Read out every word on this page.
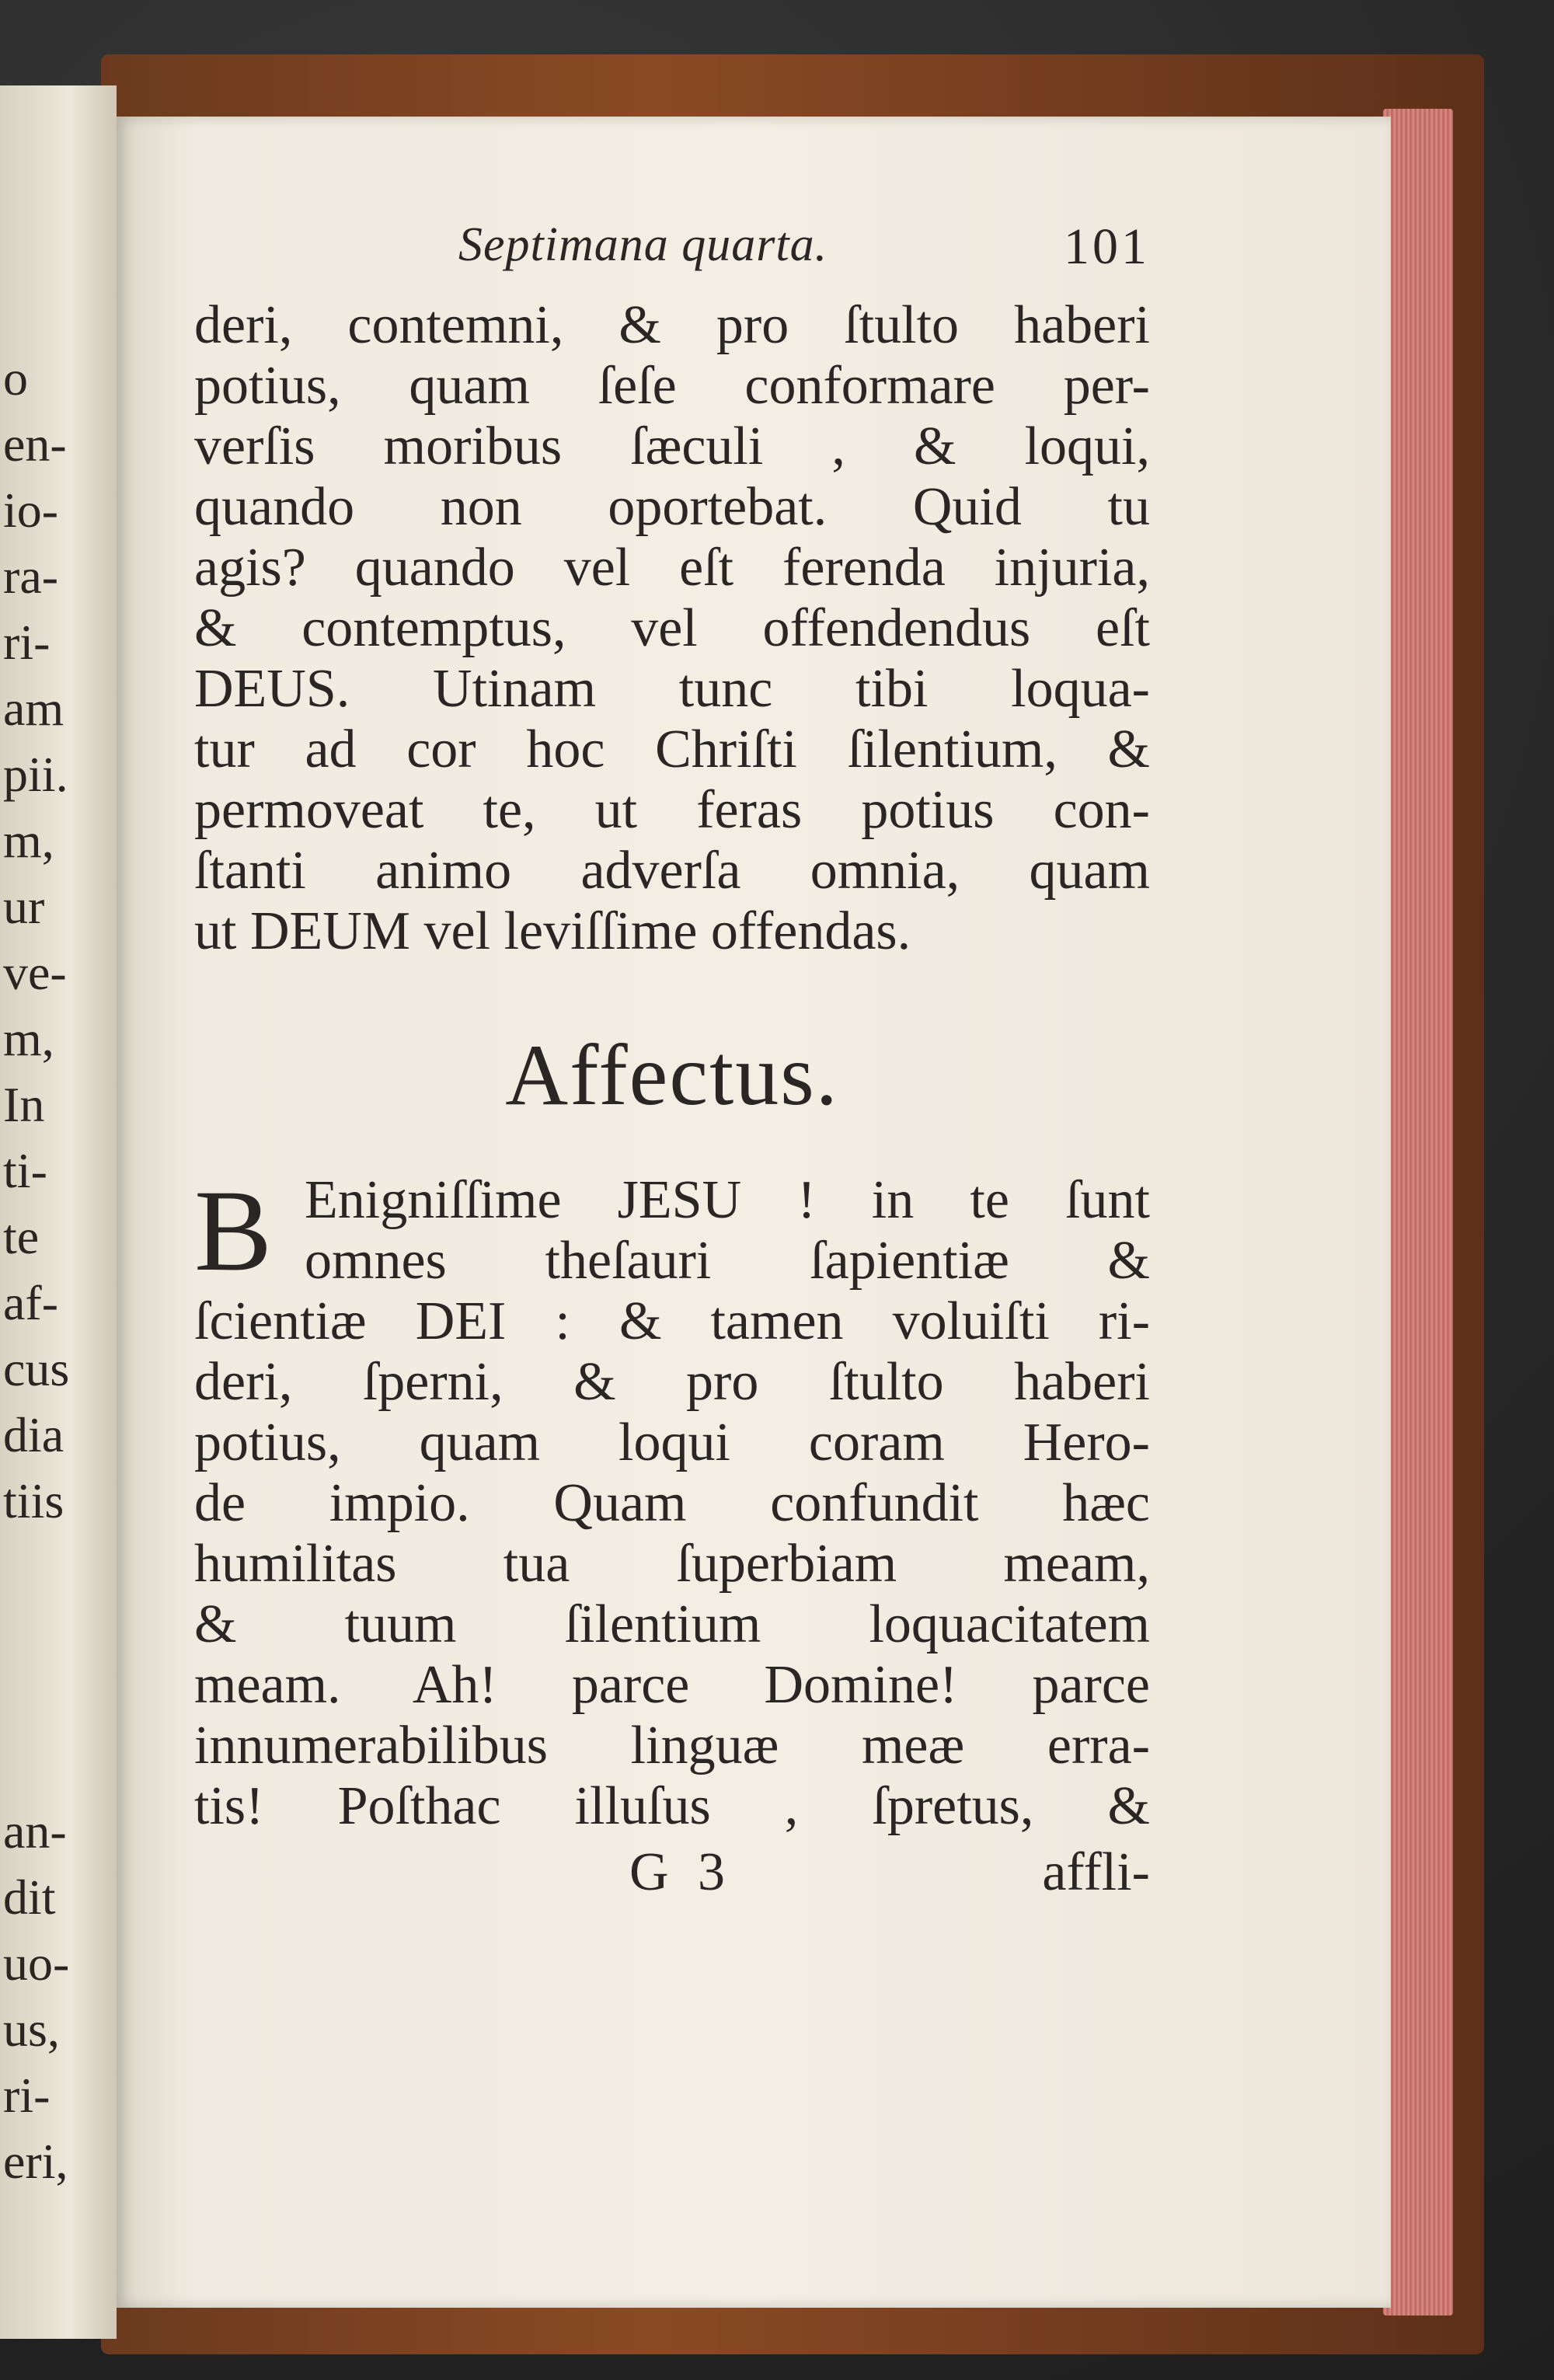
o
en-
io-
ra-
ri-
am
pii.
m,
ur
ve-
m,
In
ti-
te
af-
cus
dia
tiis
an-
dit
uo-
us,
ri-
eri,
Septimana quarta.	101
deri, contemni, & pro ſtulto haberi
potius, quam ſeſe conformare per-
verſis moribus ſæculi , & loqui,
quando non oportebat. Quid tu
agis? quando vel eſt ferenda injuria,
& contemptus, vel offendendus eſt
DEUS. Utinam tunc tibi loqua-
tur ad cor hoc Chriſti ſilentium, &
permoveat te, ut feras potius con-
ſtanti animo adverſa omnia, quam
ut DEUM vel leviſſime offendas.
Affectus.
B Enigniſſime JESU ! in te ſunt
omnes theſauri ſapientiæ &
ſcientiæ DEI : & tamen voluiſti ri-
deri, ſperni, & pro ſtulto haberi
potius, quam loqui coram Hero-
de impio. Quam confundit hæc
humilitas tua ſuperbiam meam,
& tuum ſilentium loquacitatem
meam. Ah! parce Domine! parce
innumerabilibus linguæ meæ erra-
tis! Poſthac illuſus , ſpretus, &
G 3	affli-
